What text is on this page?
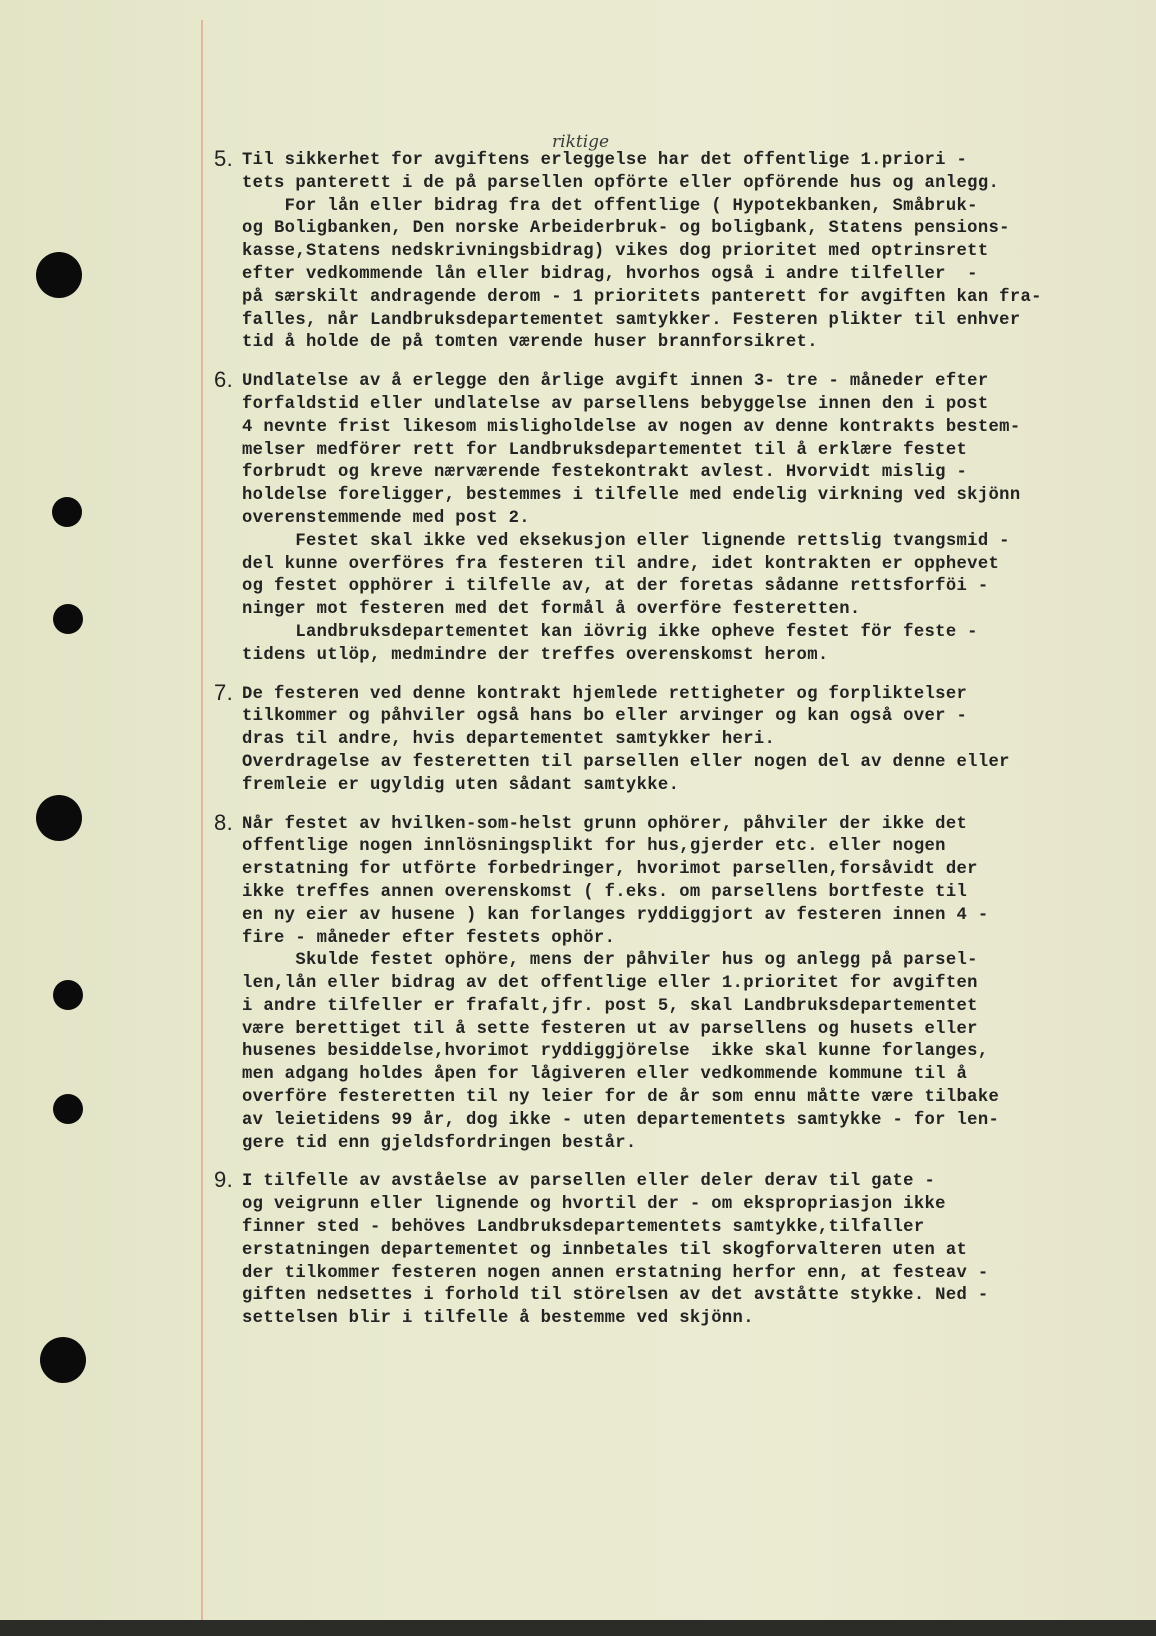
riktige
5. Til sikkerhet for avgiftens erleggelse har det offentlige 1.priori -
tets panterett i de på parsellen opförte eller opförende hus og anlegg.
For lån eller bidrag fra det offentlige ( Hypotekbanken, Småbruk-
og Boligbanken, Den norske Arbeiderbruk- og boligbank, Statens pensions-
kasse,Statens nedskrivningsbidrag) vikes dog prioritet med optrinsrett
efter vedkommende lån eller bidrag, hvorhos også i andre tilfeller  -
på særskilt andragende derom - 1 prioritets panterett for avgiften kan fra-
falles, når Landbruksdepartementet samtykker. Festeren plikter til enhver
tid å holde de på tomten værende huser brannforsikret.
6. Undlatelse av å erlegge den årlige avgift innen 3- tre - måneder efter
forfaldstid eller undlatelse av parsellens bebyggelse innen den i post
4 nevnte frist likesom misligholdelse av nogen av denne kontrakts bestem-
melser medförer rett for Landbruksdepartementet til å erklære festet
forbrudt og kreve nærværende festekontrakt avlest. Hvorvidt mislig -
holdelse foreligger, bestemmes i tilfelle med endelig virkning ved skjönn
overenstemmende med post 2.
Festet skal ikke ved eksekusjon eller lignende rettslig tvangsmid -
del kunne overföres fra festeren til andre, idet kontrakten er opphevet
og festet opphörer i tilfelle av, at der foretas sådanne rettsforföi -
ninger mot festeren med det formål å overföre festeretten.
Landbruksdepartementet kan iövrig ikke opheve festet för feste -
tidens utlöp, medmindre der treffes overenskomst herom.
7. De festeren ved denne kontrakt hjemlede rettigheter og forpliktelser
tilkommer og påhviler også hans bo eller arvinger og kan også over -
dras til andre, hvis departementet samtykker heri.
Overdragelse av festeretten til parsellen eller nogen del av denne eller
fremleie er ugyldig uten sådant samtykke.
8. Når festet av hvilken-som-helst grunn ophörer, påhviler der ikke det
offentlige nogen innlösningsplikt for hus,gjerder etc. eller nogen
erstatning for utförte forbedringer, hvorimot parsellen,forsåvidt der
ikke treffes annen overenskomst ( f.eks. om parsellens bortfeste til
en ny eier av husene ) kan forlanges ryddiggjort av festeren innen 4 -
fire - måneder efter festets ophör.
Skulde festet ophöre, mens der påhviler hus og anlegg på parsel-
len,lån eller bidrag av det offentlige eller 1.prioritet for avgiften
i andre tilfeller er frafalt,jfr. post 5, skal Landbruksdepartementet
være berettiget til å sette festeren ut av parsellens og husets eller
husenes besiddelse,hvorimot ryddiggjörelse  ikke skal kunne forlanges,
men adgang holdes åpen for lågiveren eller vedkommende kommune til å
overföre festeretten til ny leier for de år som ennu måtte være tilbake
av leietidens 99 år, dog ikke - uten departementets samtykke - for len-
gere tid enn gjeldsfordringen består.
9. I tilfelle av avståelse av parsellen eller deler derav til gate -
og veigrunn eller lignende og hvortil der - om ekspropriasjon ikke
finner sted - behöves Landbruksdepartementets samtykke,tilfaller
erstatningen departementet og innbetales til skogforvalteren uten at
der tilkommer festeren nogen annen erstatning herfor enn, at festeav -
giften nedsettes i forhold til störelsen av det avståtte stykke. Ned -
settelsen blir i tilfelle å bestemme ved skjönn.
